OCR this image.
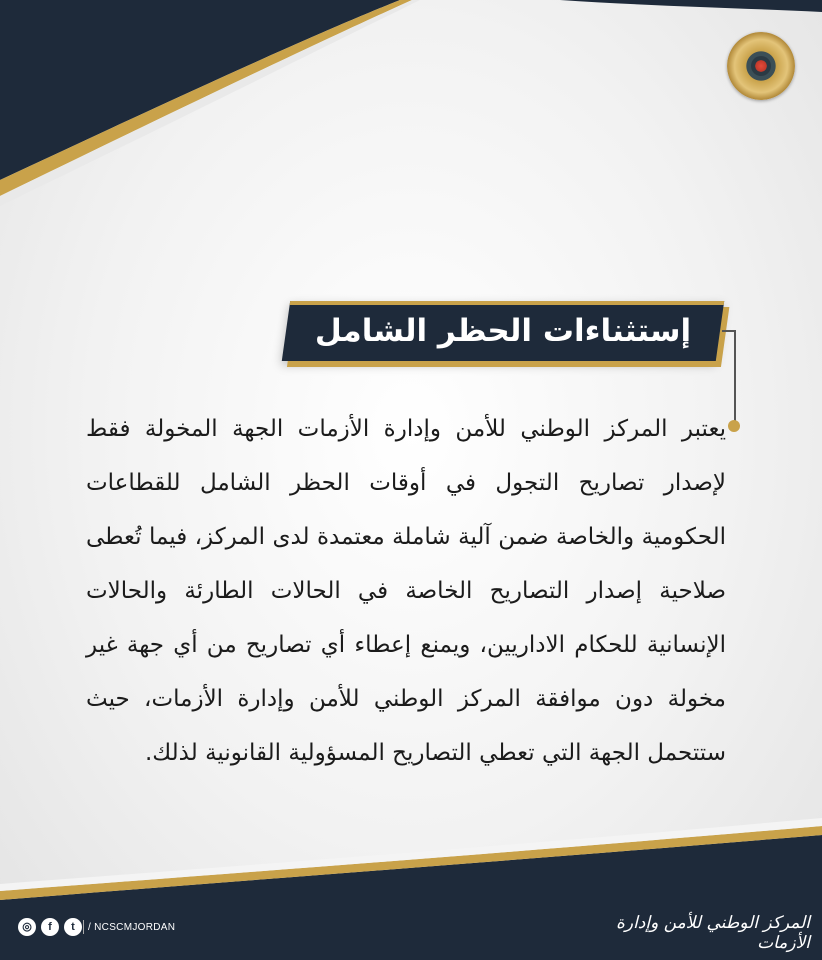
إستثناءات الحظر الشامل
يعتبر المركز الوطني للأمن وإدارة الأزمات الجهة المخولة فقط لإصدار تصاريح التجول في أوقات الحظر الشامل للقطاعات الحكومية والخاصة ضمن آلية شاملة معتمدة لدى المركز، فيما تُعطى صلاحية إصدار التصاريح الخاصة في الحالات الطارئة والحالات الإنسانية للحكام الاداريين، ويمنع إعطاء أي تصاريح من أي جهة غير مخولة دون موافقة المركز الوطني للأمن وإدارة الأزمات، حيث ستتحمل الجهة التي تعطي التصاريح المسؤولية القانونية لذلك.
◎	f	t	/ NCSCMJORDAN	المركز الوطني للأمن وإدارة الأزمات
